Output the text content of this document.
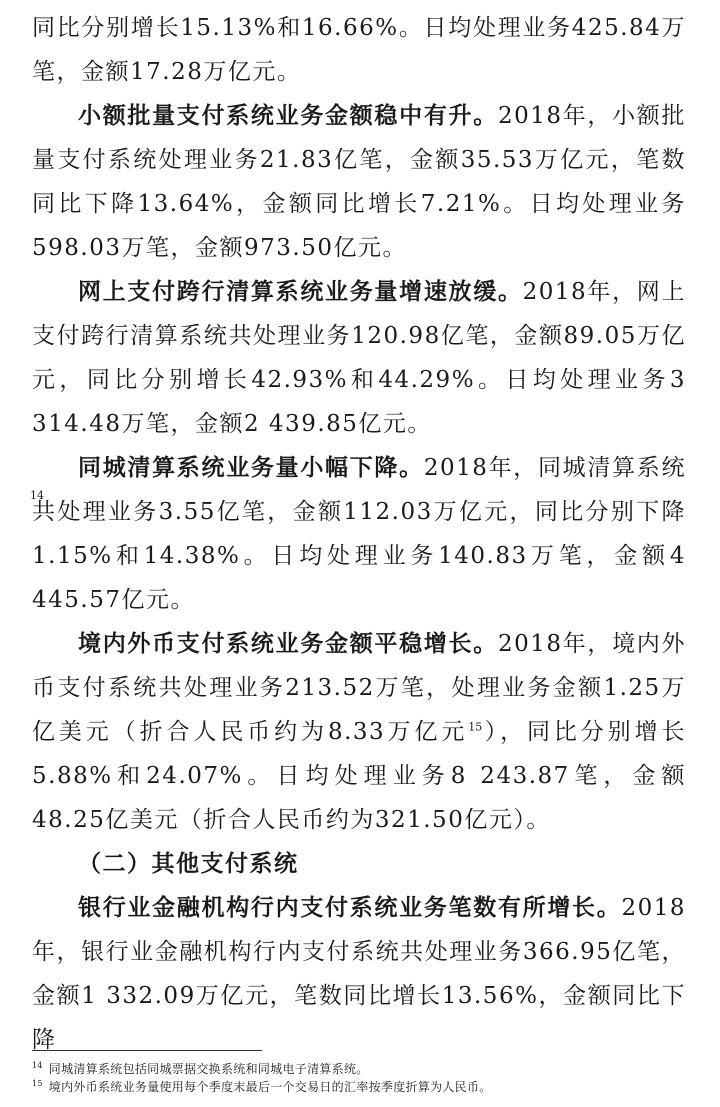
同比分别增长15.13%和16.66%。日均处理业务425.84万笔，金额17.28万亿元。

小额批量支付系统业务金额稳中有升。2018年，小额批量支付系统处理业务21.83亿笔，金额35.53万亿元，笔数同比下降13.64%，金额同比增长7.21%。日均处理业务598.03万笔，金额973.50亿元。

网上支付跨行清算系统业务量增速放缓。2018年，网上支付跨行清算系统共处理业务120.98亿笔，金额89.05万亿元，同比分别增长42.93%和44.29%。日均处理业务3 314.48万笔，金额2 439.85亿元。

同城清算系统业务量小幅下降。2018年，同城清算系统共处理业务3.55亿笔，金额112.03万亿元，同比分别下降1.15%和14.38%。日均处理业务140.83万笔，金额4 445.57亿元。

境内外币支付系统业务金额平稳增长。2018年，境内外币支付系统共处理业务213.52万笔，处理业务金额1.25万亿美元（折合人民币约为8.33万亿元$^{15}$），同比分别增长5.88%和24.07%。日均处理业务8 243.87笔，金额48.25亿美元（折合人民币约为321.50亿元）。

（二）其他支付系统

银行业金融机构行内支付系统业务笔数有所增长。2018年，银行业金融机构行内支付系统共处理业务366.95亿笔，金额1 332.09万亿元，笔数同比增长13.56%，金额同比下降

14

$^{14}$ 同城清算系统包括同城票据交换系统和同城电子清算系统。

$^{15}$ 境内外币系统业务量使用每个季度末最后一个交易日的汇率按季度折算为人民币。
